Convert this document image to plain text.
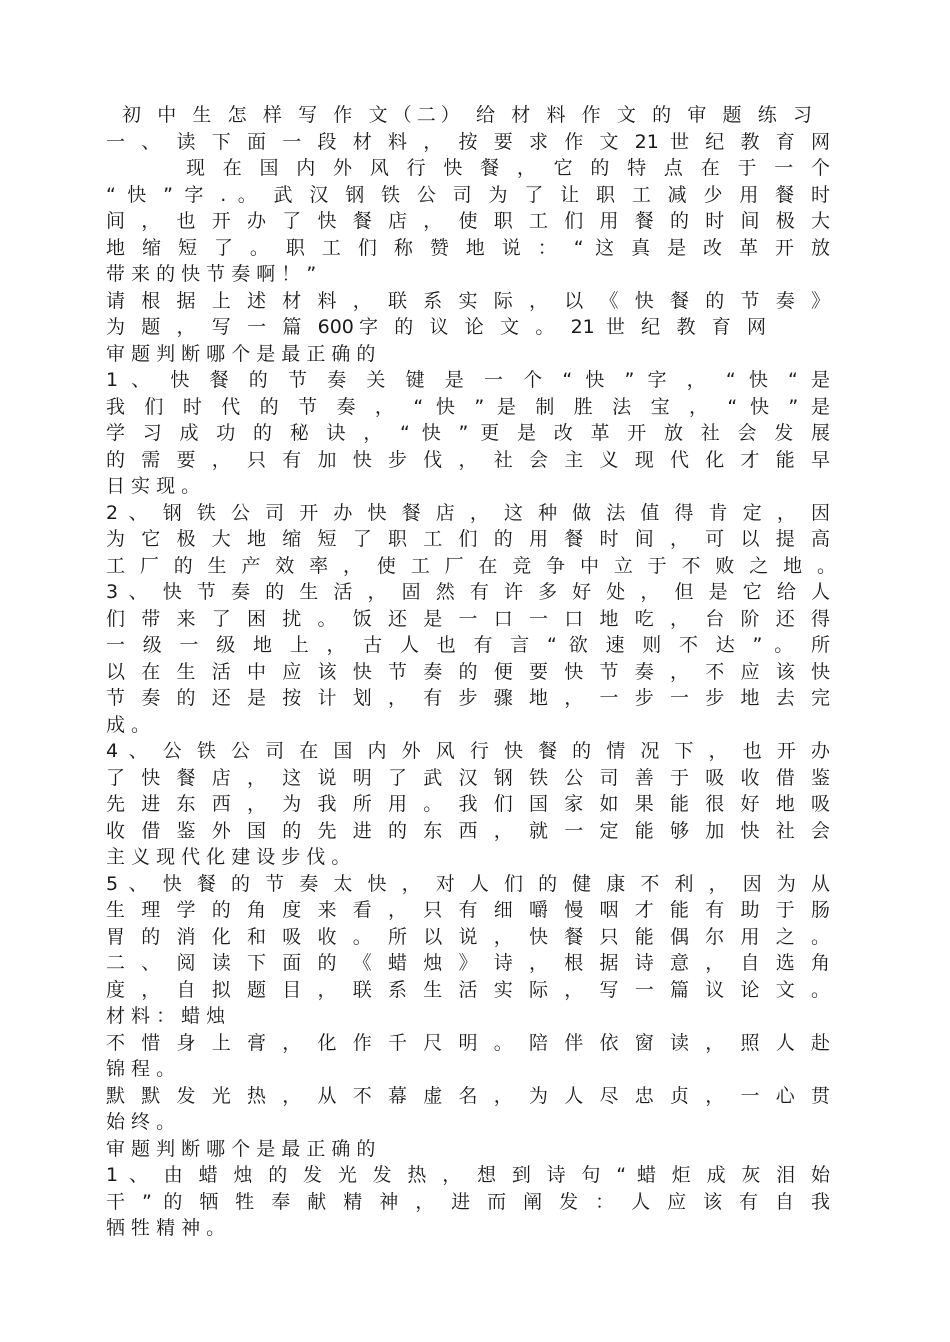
初 中 生 怎 样 写 作 文（二） 给 材 料 作 文 的 审 题 练 习
一 、 读 下 面 一 段 材 料 ， 按 要 求 作 文 21 世 纪 教 育 网
现 在 国 内 外 风 行 快 餐 ， 它 的 特 点 在 于 一 个
“ 快 ” 字 . 。 武 汉 钢 铁 公 司 为 了 让 职 工 减 少 用 餐 时
间 ， 也 开 办 了 快 餐 店 ， 使 职 工 们 用 餐 的 时 间 极 大
地 缩 短 了 。 职 工 们 称 赞 地 说 ： “ 这 真 是 改 革 开 放
带 来 的 快 节 奏 啊 ！ ”
请 根 据 上 述 材 料 ， 联 系 实 际 ， 以 《 快 餐 的 节 奏 》
为 题 ， 写 一 篇 600字 的 议 论 文 。 21 世 纪 教 育 网
审 题 判 断 哪 个 是 最 正 确 的
1 、 快 餐 的 节 奏 关 键 是 一 个 “ 快 ” 字 ， “ 快 “ 是
我 们 时 代 的 节 奏 ， “ 快 ” 是 制 胜 法 宝 ， “ 快 ” 是
学 习 成 功 的 秘 诀 ， “ 快 ” 更 是 改 革 开 放 社 会 发 展
的 需 要 ， 只 有 加 快 步 伐 ， 社 会 主 义 现 代 化 才 能 早
日 实 现 。
2 、 钢 铁 公 司 开 办 快 餐 店 ， 这 种 做 法 值 得 肯 定 ， 因
为 它 极 大 地 缩 短 了 职 工 们 的 用 餐 时 间 ， 可 以 提 高
工 厂 的 生 产 效 率 ， 使 工 厂 在 竞 争 中 立 于 不 败 之 地 。
3 、 快 节 奏 的 生 活 ， 固 然 有 许 多 好 处 ， 但 是 它 给 人
们 带 来 了 困 扰 。 饭 还 是 一 口 一 口 地 吃 ， 台 阶 还 得
一 级 一 级 地 上 ， 古 人 也 有 言 “ 欲 速 则 不 达 ” 。 所
以 在 生 活 中 应 该 快 节 奏 的 便 要 快 节 奏 ， 不 应 该 快
节 奏 的 还 是 按 计 划 ， 有 步 骤 地 ， 一 步 一 步 地 去 完
成 。
4 、 公 铁 公 司 在 国 内 外 风 行 快 餐 的 情 况 下 ， 也 开 办
了 快 餐 店 ， 这 说 明 了 武 汉 钢 铁 公 司 善 于 吸 收 借 鉴
先 进 东 西 ， 为 我 所 用 。 我 们 国 家 如 果 能 很 好 地 吸
收 借 鉴 外 国 的 先 进 的 东 西 ， 就 一 定 能 够 加 快 社 会
主 义 现 代 化 建 设 步 伐 。
5 、 快 餐 的 节 奏 太 快 ， 对 人 们 的 健 康 不 利 ， 因 为 从
生 理 学 的 角 度 来 看 ， 只 有 细 嚼 慢 咽 才 能 有 助 于 肠
胃 的 消 化 和 吸 收 。 所 以 说 ， 快 餐 只 能 偶 尔 用 之 。
二 、 阅 读 下 面 的 《 蜡 烛 》 诗 ， 根 据 诗 意 ， 自 选 角
度 ， 自 拟 题 目 ， 联 系 生 活 实 际 ， 写 一 篇 议 论 文 。
材 料 ： 蜡 烛
不 惜 身 上 膏 ， 化 作 千 尺 明 。 陪 伴 依 窗 读 ， 照 人 赴
锦 程 。
默 默 发 光 热 ， 从 不 幕 虚 名 ， 为 人 尽 忠 贞 ， 一 心 贯
始 终 。
审 题 判 断 哪 个 是 最 正 确 的
1 、 由 蜡 烛 的 发 光 发 热 ， 想 到 诗 句 “ 蜡 炬 成 灰 泪 始
干 ” 的 牺 牲 奉 献 精 神 ， 进 而 阐 发 ： 人 应 该 有 自 我
牺 牲 精 神 。
